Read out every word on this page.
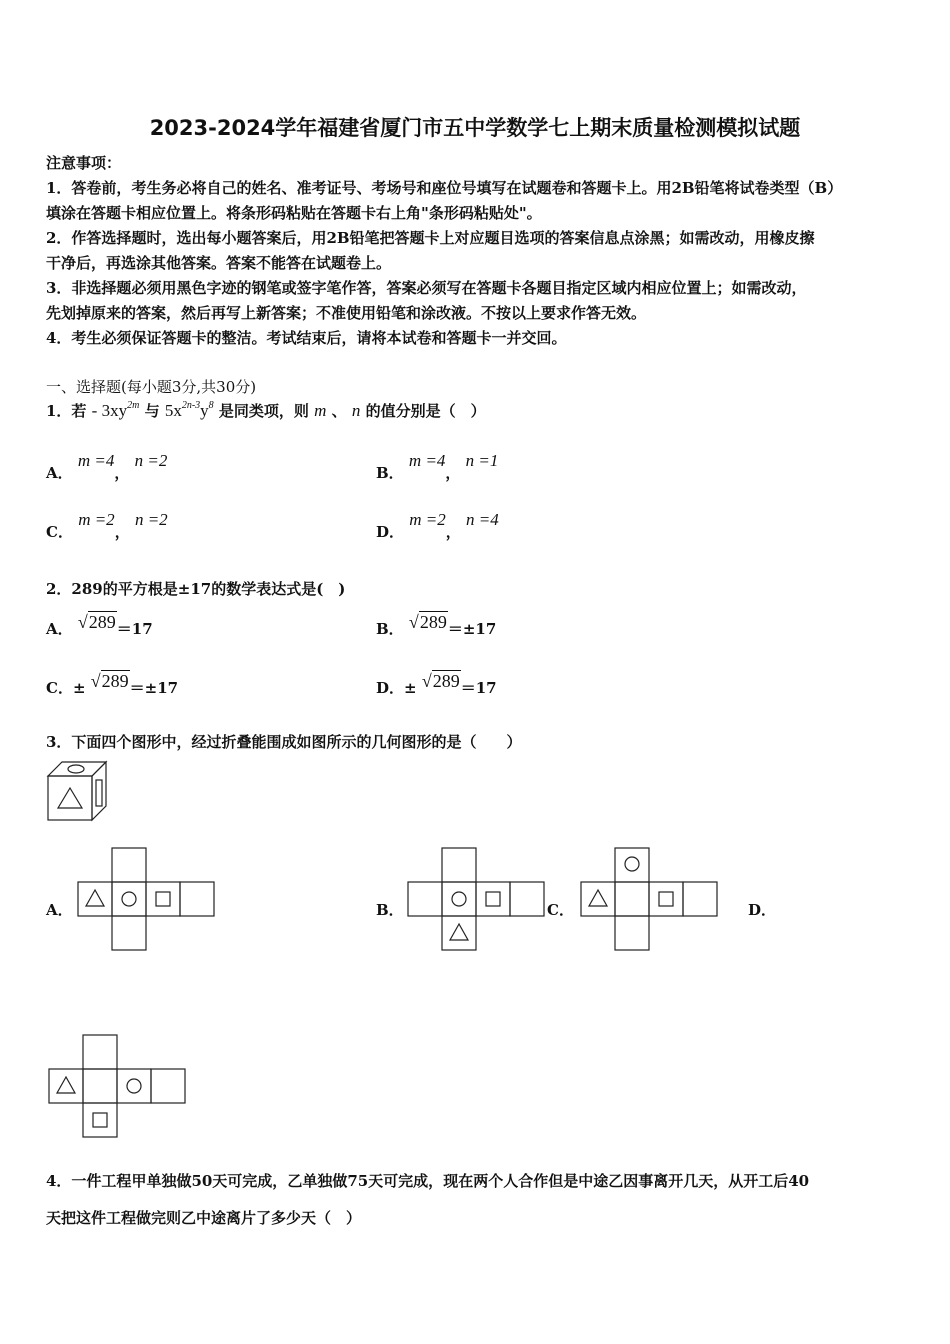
2023-2024学年福建省厦门市五中学数学七上期末质量检测模拟试题
注意事项：
1．答卷前，考生务必将自己的姓名、准考证号、考场号和座位号填写在试题卷和答题卡上。用2B铅笔将试卷类型（B）
填涂在答题卡相应位置上。将条形码粘贴在答题卡右上角"条形码粘贴处"。
2．作答选择题时，选出每小题答案后，用2B铅笔把答题卡上对应题目选项的答案信息点涂黑；如需改动，用橡皮擦
干净后，再选涂其他答案。答案不能答在试题卷上。
3．非选择题必须用黑色字迹的钢笔或签字笔作答，答案必须写在答题卡各题目指定区域内相应位置上；如需改动，
先划掉原来的答案，然后再写上新答案；不准使用铅笔和涂改液。不按以上要求作答无效。
4．考生必须保证答题卡的整洁。考试结束后，请将本试卷和答题卡一并交回。
一、选择题(每小题3分,共30分)
1．若 - $3xy^{2m}$ 与 $5x^{2n-3}y^8$ 是同类项，则 m 、 n 的值分别是（　）
A． m =4， n =2
B． m =4， n =1
C． m =2， n =2
D． m =2， n =4
2．289的平方根是±17的数学表达式是(　)
A． √289＝17	B． √289＝±17
C．± √289＝±17	D．± √289＝17
3．下面四个图形中，经过折叠能围成如图所示的几何图形的是（　　）
A．	B．	C．	D．
4．一件工程甲单独做50天可完成，乙单独做75天可完成，现在两个人合作但是中途乙因事离开几天，从开工后40
天把这件工程做完则乙中途离片了多少天（　）
